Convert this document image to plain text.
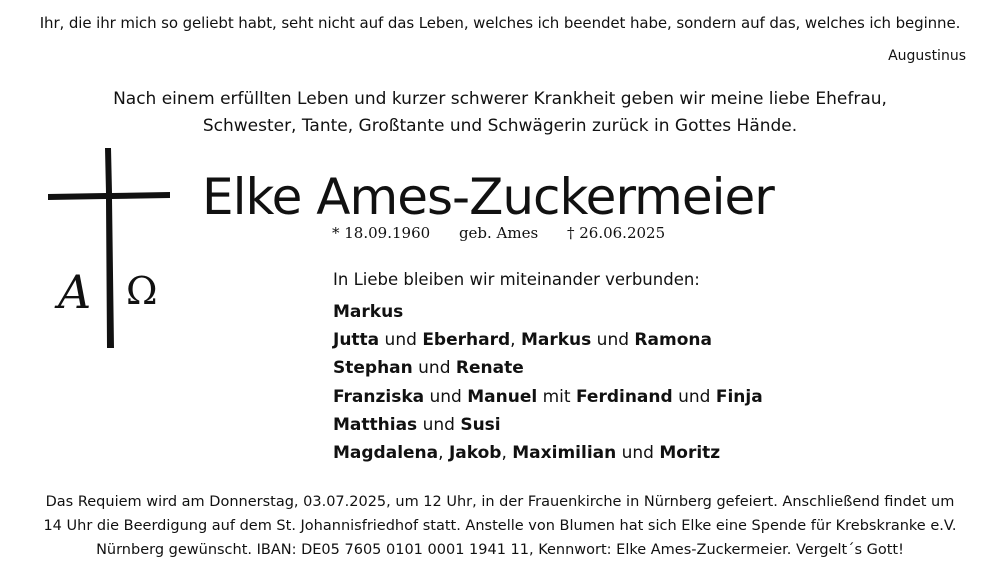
Ihr, die ihr mich so geliebt habt, seht nicht auf das Leben, welches ich beendet habe, sondern auf das, welches ich beginne.
Augustinus
Nach einem erfüllten Leben und kurzer schwerer Krankheit geben wir meine liebe Ehefrau,
Schwester, Tante, Großtante und Schwägerin zurück in Gottes Hände.
Α Ω
Elke Ames-Zuckermeier
* 18.09.1960 geb. Ames † 26.06.2025
In Liebe bleiben wir miteinander verbunden:
Markus
Jutta und Eberhard, Markus und Ramona
Stephan und Renate
Franziska und Manuel mit Ferdinand und Finja
Matthias und Susi
Magdalena, Jakob, Maximilian und Moritz
Das Requiem wird am Donnerstag, 03.07.2025, um 12 Uhr, in der Frauenkirche in Nürnberg gefeiert. Anschließend findet um
14 Uhr die Beerdigung auf dem St. Johannisfriedhof statt. Anstelle von Blumen hat sich Elke eine Spende für Krebskranke e.V.
Nürnberg gewünscht. IBAN: DE05 7605 0101 0001 1941 11, Kennwort: Elke Ames-Zuckermeier. Vergelt´s Gott!
